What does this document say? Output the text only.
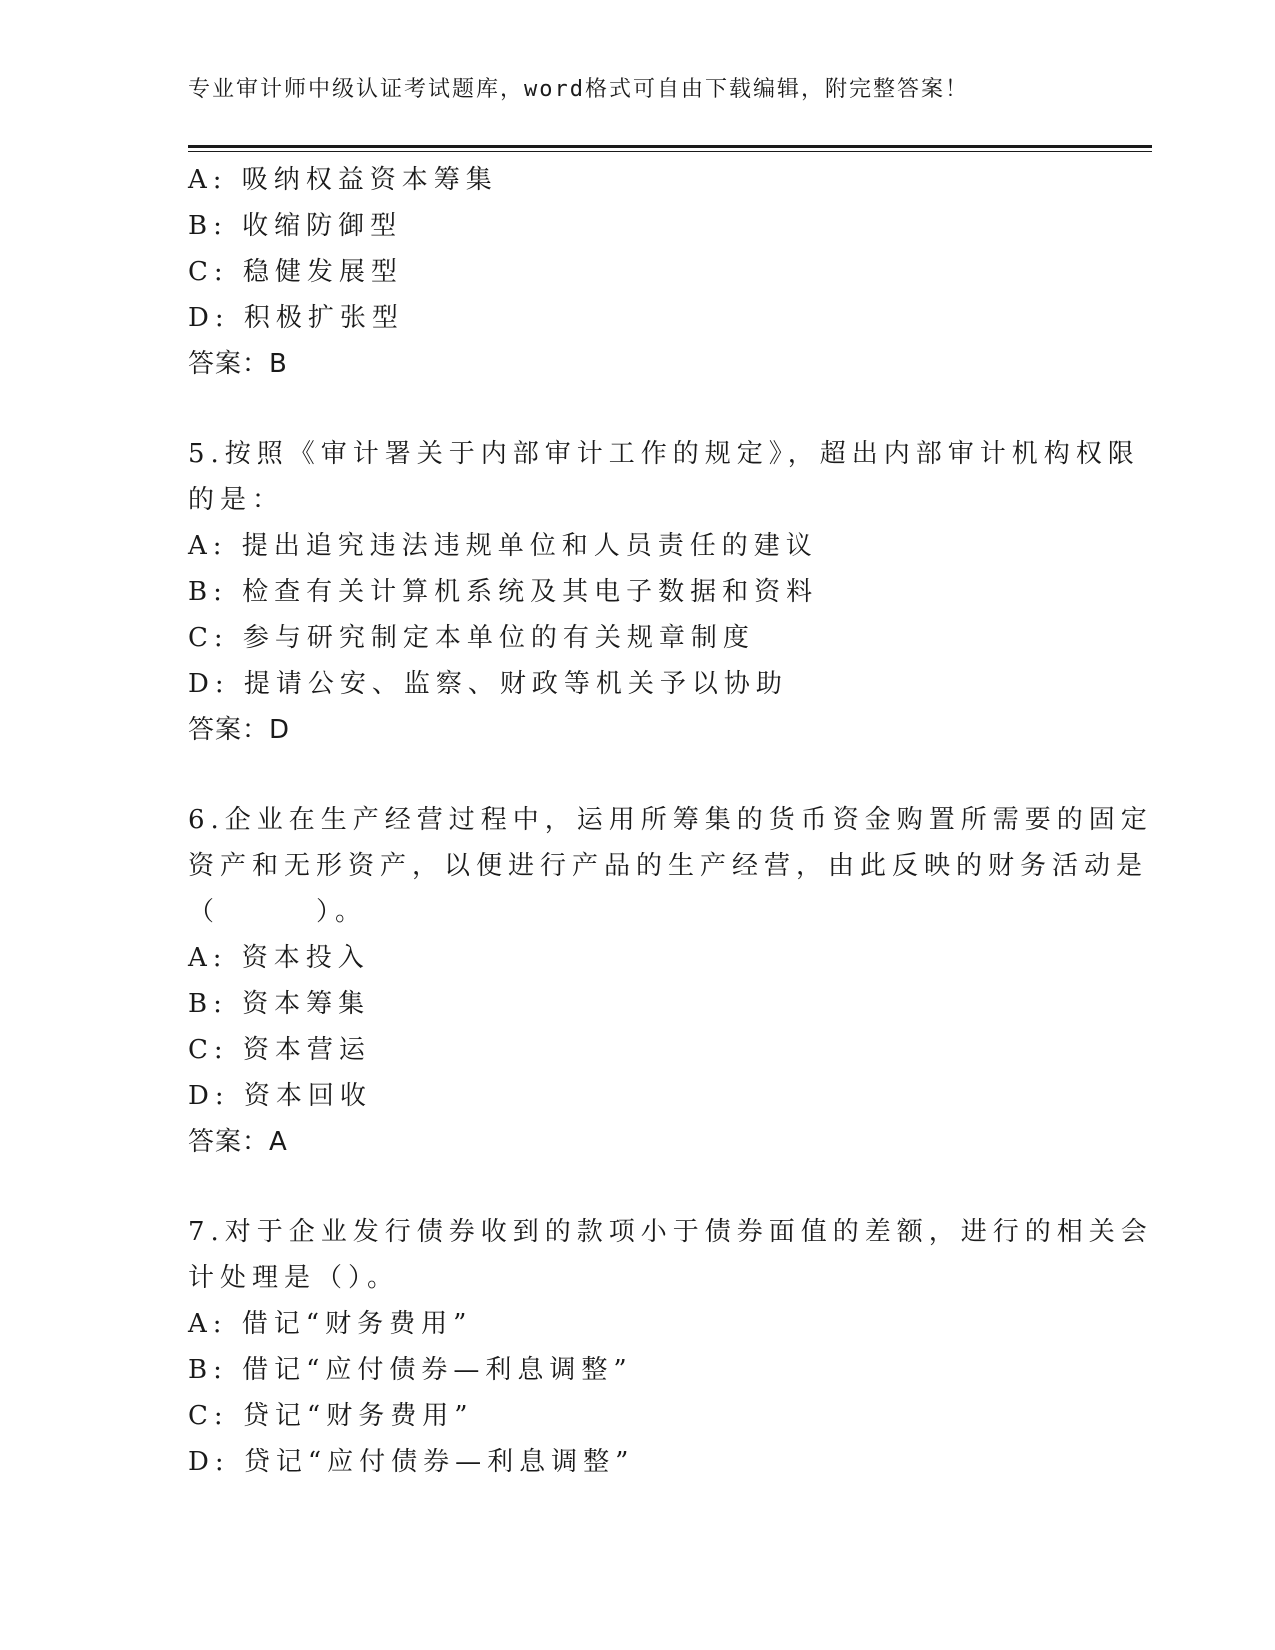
专业审计师中级认证考试题库，word格式可自由下载编辑，附完整答案！
A: 吸纳权益资本筹集
B: 收缩防御型
C: 稳健发展型
D: 积极扩张型
答案：B
5.按照《审计署关于内部审计工作的规定》，超出内部审计机构权限
的是：
A: 提出追究违法违规单位和人员责任的建议
B: 检查有关计算机系统及其电子数据和资料
C: 参与研究制定本单位的有关规章制度
D: 提请公安、监察、财政等机关予以协助
答案：D
6.企业在生产经营过程中，运用所筹集的货币资金购置所需要的固定
资产和无形资产，以便进行产品的生产经营，由此反映的财务活动是
（　　　）。
A: 资本投入
B: 资本筹集
C: 资本营运
D: 资本回收
答案：A
7.对于企业发行债券收到的款项小于债券面值的差额，进行的相关会
计处理是（）。
A: 借记“财务费用”
B: 借记“应付债券—利息调整”
C: 贷记“财务费用”
D: 贷记“应付债券—利息调整”
